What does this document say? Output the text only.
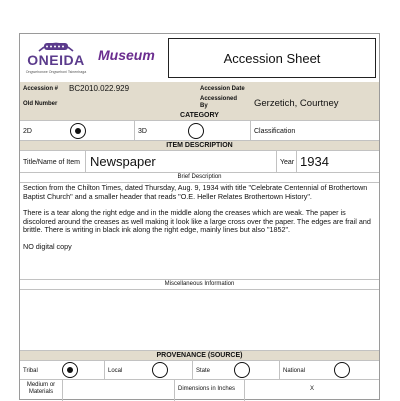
ONEIDA
Ongwehonwe Ongwehoni Tsinenhaga
Museum	Accession Sheet
Accession # BC2010.022.929	Accession Date
Old Number
Accessioned By	Gerzetich, Courtney
CATEGORY
2D	3D	Classification
ITEM DESCRIPTION
Title/Name of Item Newspaper	Year 1934
Brief Description
Section from the Chilton Times, dated Thursday, Aug. 9, 1934 with title "Celebrate Centennial of Brothertown Baptist Church" and a smaller header that reads "O.E. Heller Relates Brothertown History".
There is a tear along the right edge and in the middle along the creases which are weak. The paper is discolored around the creases as well making it look like a large cross over the paper. The edges are frail and brittle. There is writing in black ink along the right edge, mainly lines but also "1852".
NO digital copy
Miscellaneous Information
PROVENANCE (SOURCE)
Tribal	Local	State	National
Medium or Materials	Dimensions in Inches	X
